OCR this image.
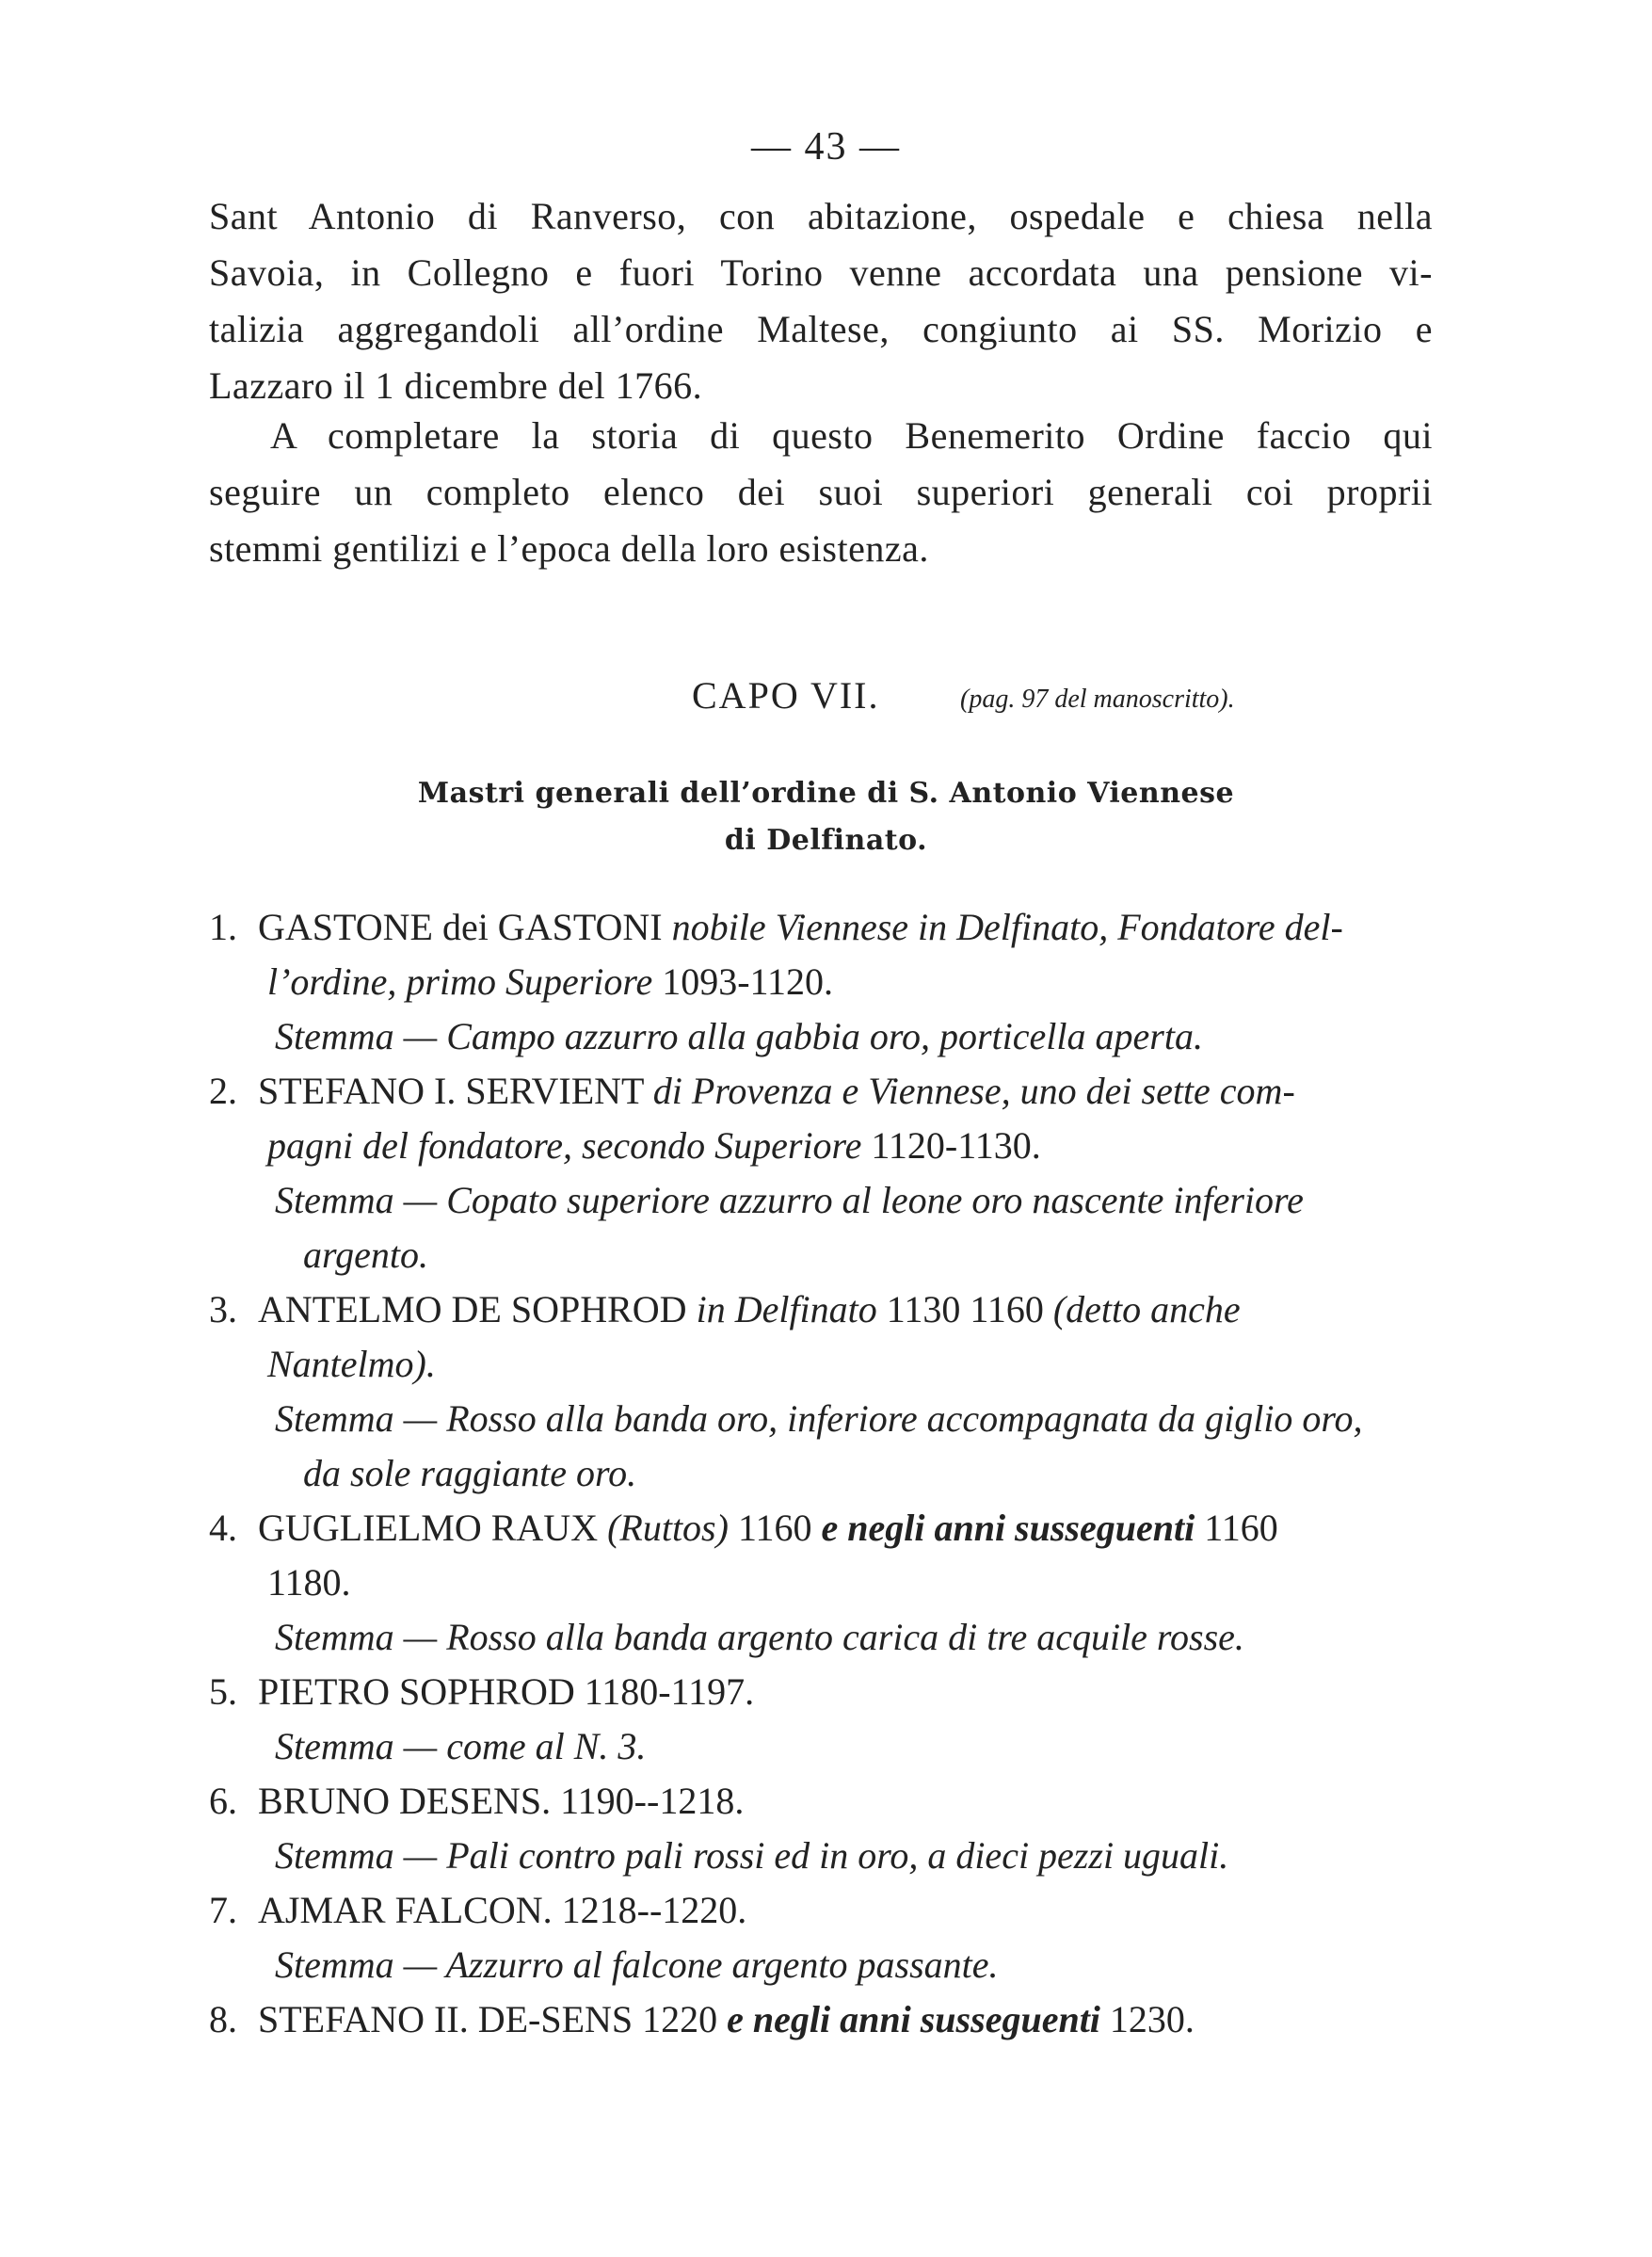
— 43 —
Sant Antonio di Ranverso, con abitazione, ospedale e chiesa nella
Savoia, in Collegno e fuori Torino venne accordata una pensione vi-
talizia aggregandoli all’ordine Maltese, congiunto ai SS. Morizio e
Lazzaro il 1 dicembre del 1766.
A completare la storia di questo Benemerito Ordine faccio qui
seguire un completo elenco dei suoi superiori generali coi proprii
stemmi gentilizi e l’epoca della loro esistenza.
CAPO VII.	(pag. 97 del manoscritto).
Mastri generali dell’ordine di S. Antonio Viennese
di Delfinato.
1. GASTONE dei GASTONI nobile Viennese in Delfinato, Fondatore del-
l’ordine, primo Superiore 1093-1120.
Stemma — Campo azzurro alla gabbia oro, porticella aperta.
2. STEFANO I. SERVIENT di Provenza e Viennese, uno dei sette com-
pagni del fondatore, secondo Superiore 1120-1130.
Stemma — Copato superiore azzurro al leone oro nascente inferiore
argento.
3. ANTELMO DE SOPHROD in Delfinato 1130 1160 (detto anche
Nantelmo).
Stemma — Rosso alla banda oro, inferiore accompagnata da giglio oro,
da sole raggiante oro.
4. GUGLIELMO RAUX (Ruttos) 1160 e negli anni susseguenti 1160
1180.
Stemma — Rosso alla banda argento carica di tre acquile rosse.
5. PIETRO SOPHROD 1180-1197.
Stemma — come al N. 3.
6. BRUNO DESENS. 1190--1218.
Stemma — Pali contro pali rossi ed in oro, a dieci pezzi uguali.
7. AJMAR FALCON. 1218--1220.
Stemma — Azzurro al falcone argento passante.
8. STEFANO II. DE-SENS 1220 e negli anni susseguenti 1230.
